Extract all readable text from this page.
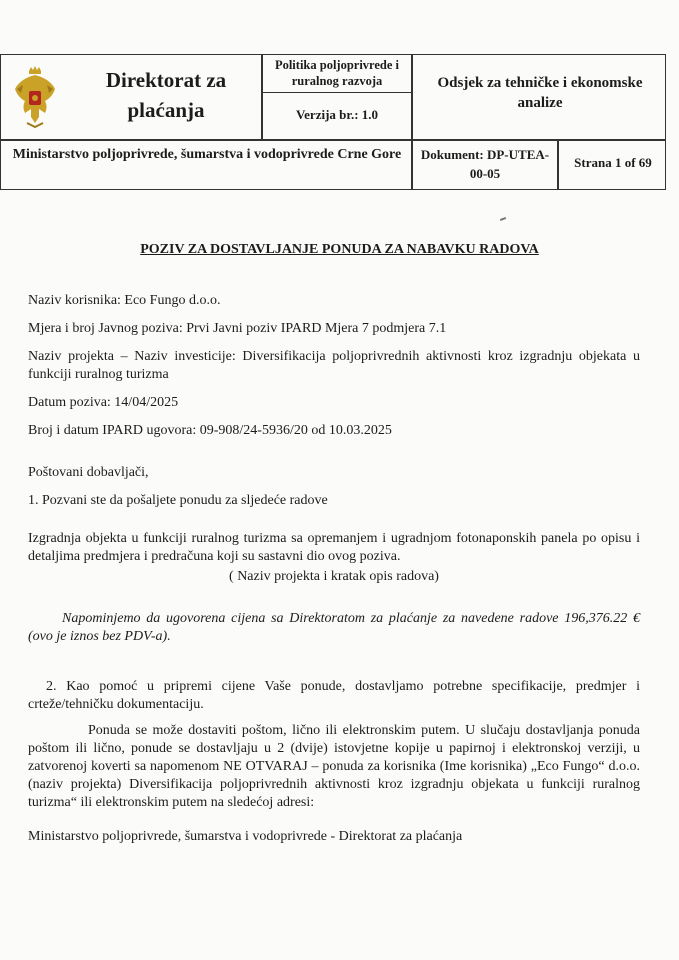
Direktorat za plaćanja
Politika poljoprivrede i ruralnog razvoja
Verzija br.: 1.0
Odsjek za tehničke i ekonomske analize
Ministarstvo poljoprivrede, šumarstva i vodoprivrede Crne Gore	Dokument: DP-UTEA-00-05
Strana 1 of 69
POZIV ZA DOSTAVLJANJE PONUDA ZA NABAVKU RADOVA
Naziv korisnika: Eco Fungo d.o.o.
Mjera i broj Javnog poziva: Prvi Javni poziv IPARD Mjera 7 podmjera 7.1
Naziv projekta – Naziv investicije: Diversifikacija poljoprivrednih aktivnosti kroz izgradnju objekata u funkciji ruralnog turizma
Datum poziva: 14/04/2025
Broj i datum IPARD ugovora: 09-908/24-5936/20 od 10.03.2025
Poštovani dobavljači,
1. Pozvani ste da pošaljete ponudu za sljedeće radove
Izgradnja objekta u funkciji ruralnog turizma sa opremanjem i ugradnjom fotonaponskih panela po opisu i detaljima predmjera i predračuna koji su sastavni dio ovog poziva.
( Naziv projekta i kratak opis radova)
Napominjemo da ugovorena cijena sa Direktoratom za plaćanje za navedene radove 196,376.22 € (ovo je iznos bez PDV-a).
2. Kao pomoć u pripremi cijene Vaše ponude, dostavljamo potrebne specifikacije, predmjer i crteže/tehničku dokumentaciju.
Ponuda se može dostaviti poštom, lično ili elektronskim putem. U slučaju dostavljanja ponuda poštom ili lično, ponude se dostavljaju u 2 (dvije) istovjetne kopije u papirnoj i elektronskoj verziji, u zatvorenoj koverti sa napomenom NE OTVARAJ – ponuda za korisnika (Ime korisnika) „Eco Fungo“ d.o.o. (naziv projekta) Diversifikacija poljoprivrednih aktivnosti kroz izgradnju objekata u funkciji ruralnog turizma“ ili elektronskim putem na sledećoj adresi:
Ministarstvo poljoprivrede, šumarstva i vodoprivrede - Direktorat za plaćanja
